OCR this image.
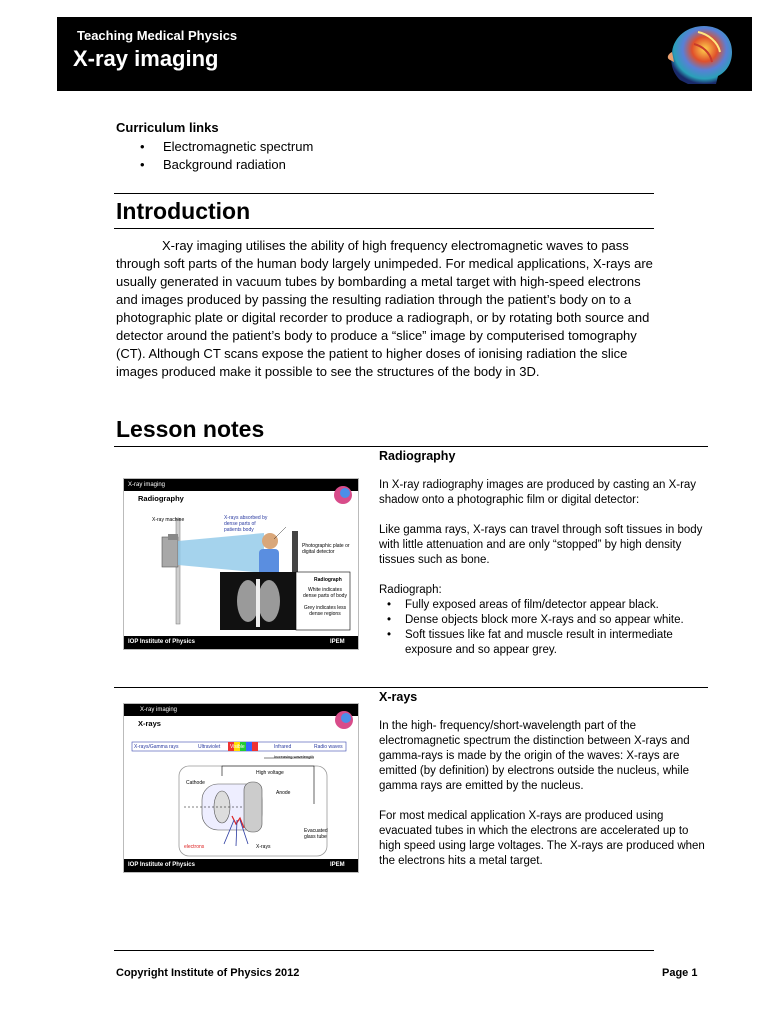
Teaching Medical Physics
X-ray imaging
Curriculum links
• Electromagnetic spectrum
• Background radiation
Introduction
X-ray imaging utilises the ability of high frequency electromagnetic waves to pass through soft parts of the human body largely unimpeded. For medical applications, X-rays are usually generated in vacuum tubes by bombarding a metal target with high-speed electrons and images produced by passing the resulting radiation through the patient’s body on to a photographic plate or digital recorder to produce a radiograph, or by rotating both source and detector around the patient’s body to produce a “slice” image by computerised tomography (CT). Although CT scans expose the patient to higher doses of ionising radiation the slice images produced make it possible to see the structures of the body in 3D.
Lesson notes

Radiography

In X-ray radiography images are produced by casting an X-ray shadow onto a photographic film or digital detector:

Like gamma rays, X-rays can travel through soft tissues in body with little attenuation and are only “stopped” by high density tissues such as bone.

Radiograph:

• Fully exposed areas of film/detector appear black.
• Dense objects block more X-rays and so appear white.
• Soft tissues like fat and muscle result in intermediate exposure and so appear grey.
X-ray imaging
Radiography
X-ray machine	X-rays absorbed by dense parts of patients body
Photographic plate or digital detector
Radiograph
White indicates dense parts of body
Grey indicates less dense regions
IOP Institute of Physics	IPEM

X-rays

In the high- frequency/short-wavelength part of the electromagnetic spectrum the distinction between X-rays and gamma-rays is made by the origin of the waves: X-rays are emitted (by definition) by electrons outside the nucleus, while gamma rays are emitted by the nucleus.

For most medical application X-rays are produced using evacuated tubes in which the electrons are accelerated up to high speed using large voltages. The X-rays are produced when the electrons hits a metal target.

X-ray imaging
X-rays
X-rays/Gamma rays	Ultraviolet Visible	Infrared	Radio waves
Increasing wavelength
Cathode
High voltage
Anode
Evacuated glass tube
electrons	X-rays
IOP Institute of Physics	IPEM
Copyright Institute of Physics 2012	Page 1
